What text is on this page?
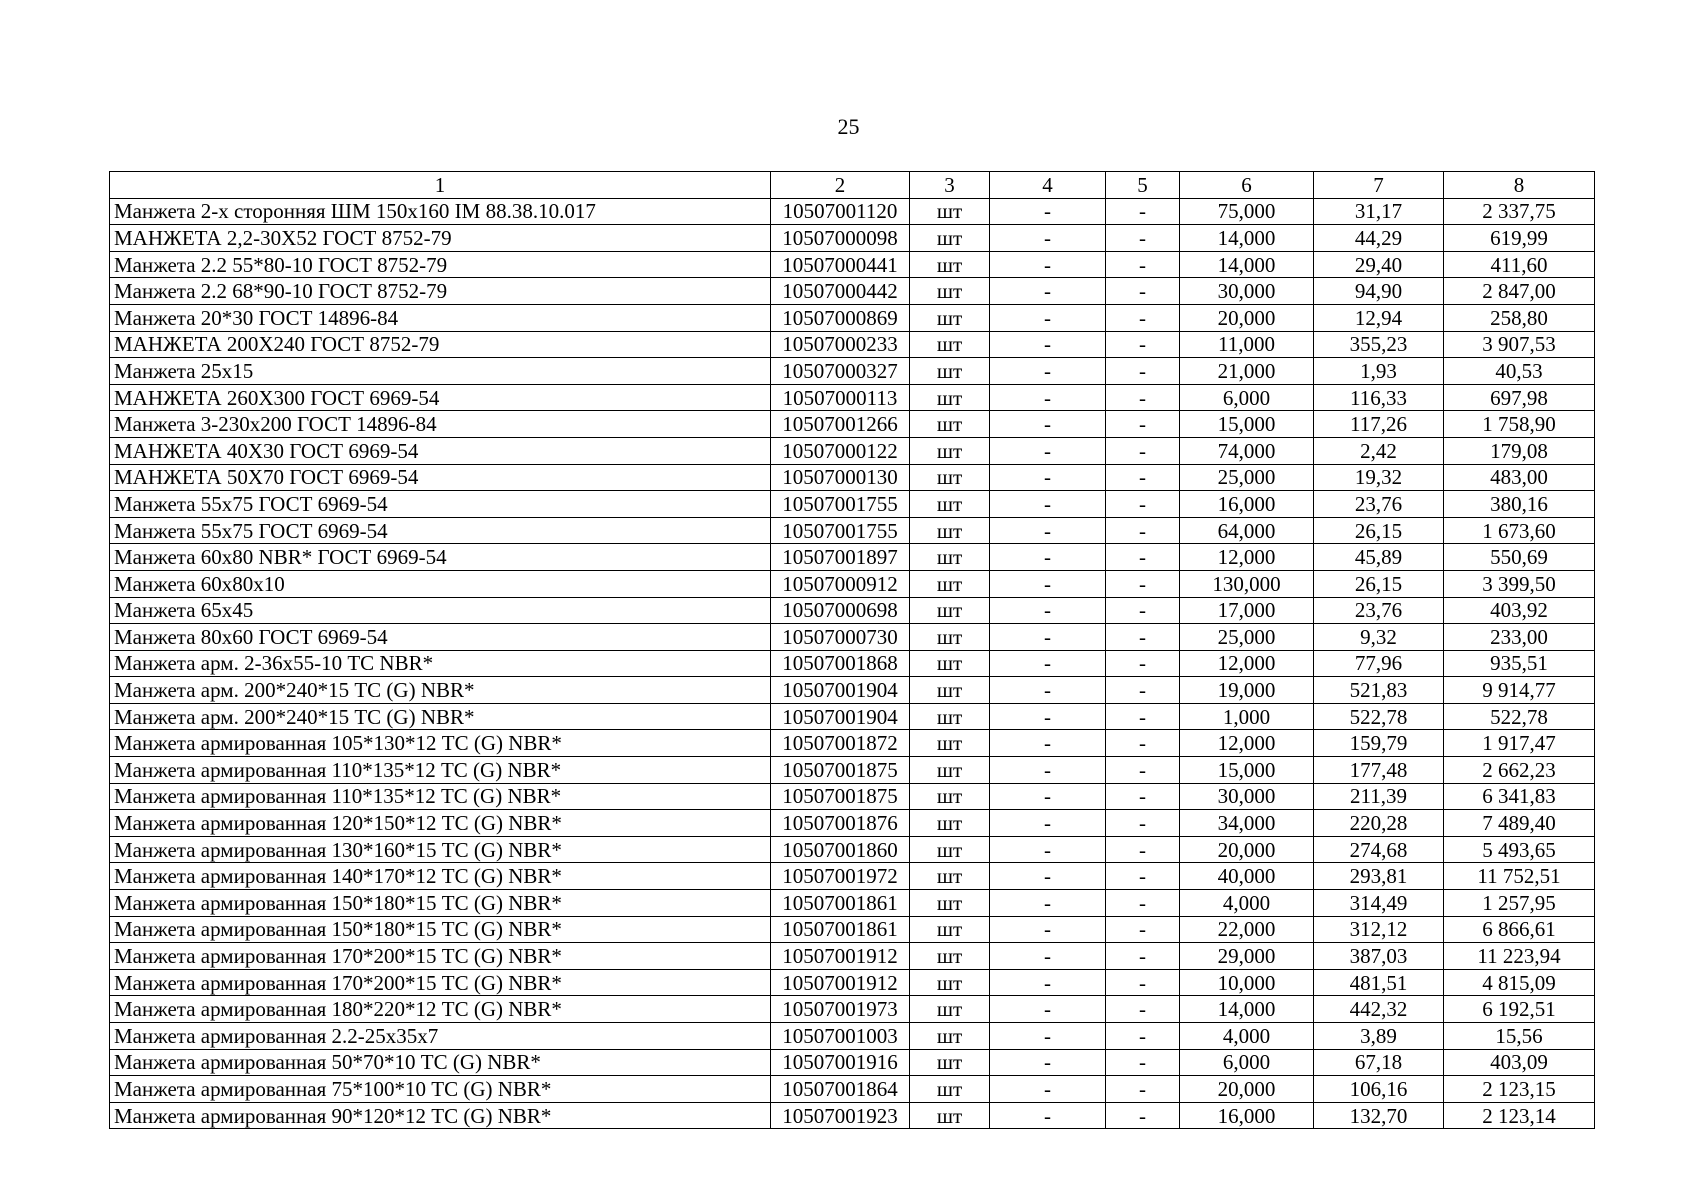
25
1	2	3	4	5	6	7	8
Манжета 2-х сторонняя ШМ 150х160 IM 88.38.10.017	10507001120	шт	-	-	75,000	31,17	2 337,75
МАНЖЕТА 2,2-30Х52 ГОСТ 8752-79	10507000098	шт	-	-	14,000	44,29	619,99
Манжета 2.2 55*80-10 ГОСТ 8752-79	10507000441	шт	-	-	14,000	29,40	411,60
Манжета 2.2 68*90-10 ГОСТ 8752-79	10507000442	шт	-	-	30,000	94,90	2 847,00
Манжета 20*30 ГОСТ 14896-84	10507000869	шт	-	-	20,000	12,94	258,80
МАНЖЕТА 200Х240 ГОСТ 8752-79	10507000233	шт	-	-	11,000	355,23	3 907,53
Манжета 25х15	10507000327	шт	-	-	21,000	1,93	40,53
МАНЖЕТА 260Х300 ГОСТ 6969-54	10507000113	шт	-	-	6,000	116,33	697,98
Манжета 3-230х200 ГОСТ 14896-84	10507001266	шт	-	-	15,000	117,26	1 758,90
МАНЖЕТА 40Х30 ГОСТ 6969-54	10507000122	шт	-	-	74,000	2,42	179,08
МАНЖЕТА 50Х70 ГОСТ 6969-54	10507000130	шт	-	-	25,000	19,32	483,00
Манжета 55х75 ГОСТ 6969-54	10507001755	шт	-	-	16,000	23,76	380,16
Манжета 55х75 ГОСТ 6969-54	10507001755	шт	-	-	64,000	26,15	1 673,60
Манжета 60х80 NBR* ГОСТ 6969-54	10507001897	шт	-	-	12,000	45,89	550,69
Манжета 60х80х10	10507000912	шт	-	-	130,000	26,15	3 399,50
Манжета 65х45	10507000698	шт	-	-	17,000	23,76	403,92
Манжета 80х60 ГОСТ 6969-54	10507000730	шт	-	-	25,000	9,32	233,00
Манжета арм. 2-36х55-10 ТС NBR*	10507001868	шт	-	-	12,000	77,96	935,51
Манжета арм. 200*240*15 ТС (G) NBR*	10507001904	шт	-	-	19,000	521,83	9 914,77
Манжета арм. 200*240*15 ТС (G) NBR*	10507001904	шт	-	-	1,000	522,78	522,78
Манжета армированная 105*130*12 ТС (G) NBR*	10507001872	шт	-	-	12,000	159,79	1 917,47
Манжета армированная 110*135*12 ТС (G) NBR*	10507001875	шт	-	-	15,000	177,48	2 662,23
Манжета армированная 110*135*12 ТС (G) NBR*	10507001875	шт	-	-	30,000	211,39	6 341,83
Манжета армированная 120*150*12 ТС (G) NBR*	10507001876	шт	-	-	34,000	220,28	7 489,40
Манжета армированная 130*160*15 ТС (G) NBR*	10507001860	шт	-	-	20,000	274,68	5 493,65
Манжета армированная 140*170*12 ТС (G) NBR*	10507001972	шт	-	-	40,000	293,81	11 752,51
Манжета армированная 150*180*15 ТС (G) NBR*	10507001861	шт	-	-	4,000	314,49	1 257,95
Манжета армированная 150*180*15 ТС (G) NBR*	10507001861	шт	-	-	22,000	312,12	6 866,61
Манжета армированная 170*200*15 ТС (G) NBR*	10507001912	шт	-	-	29,000	387,03	11 223,94
Манжета армированная 170*200*15 ТС (G) NBR*	10507001912	шт	-	-	10,000	481,51	4 815,09
Манжета армированная 180*220*12 ТС (G) NBR*	10507001973	шт	-	-	14,000	442,32	6 192,51
Манжета армированная 2.2-25х35х7	10507001003	шт	-	-	4,000	3,89	15,56
Манжета армированная 50*70*10 ТС (G) NBR*	10507001916	шт	-	-	6,000	67,18	403,09
Манжета армированная 75*100*10 ТС (G) NBR*	10507001864	шт	-	-	20,000	106,16	2 123,15
Манжета армированная 90*120*12 ТС (G) NBR*	10507001923	шт	-	-	16,000	132,70	2 123,14
